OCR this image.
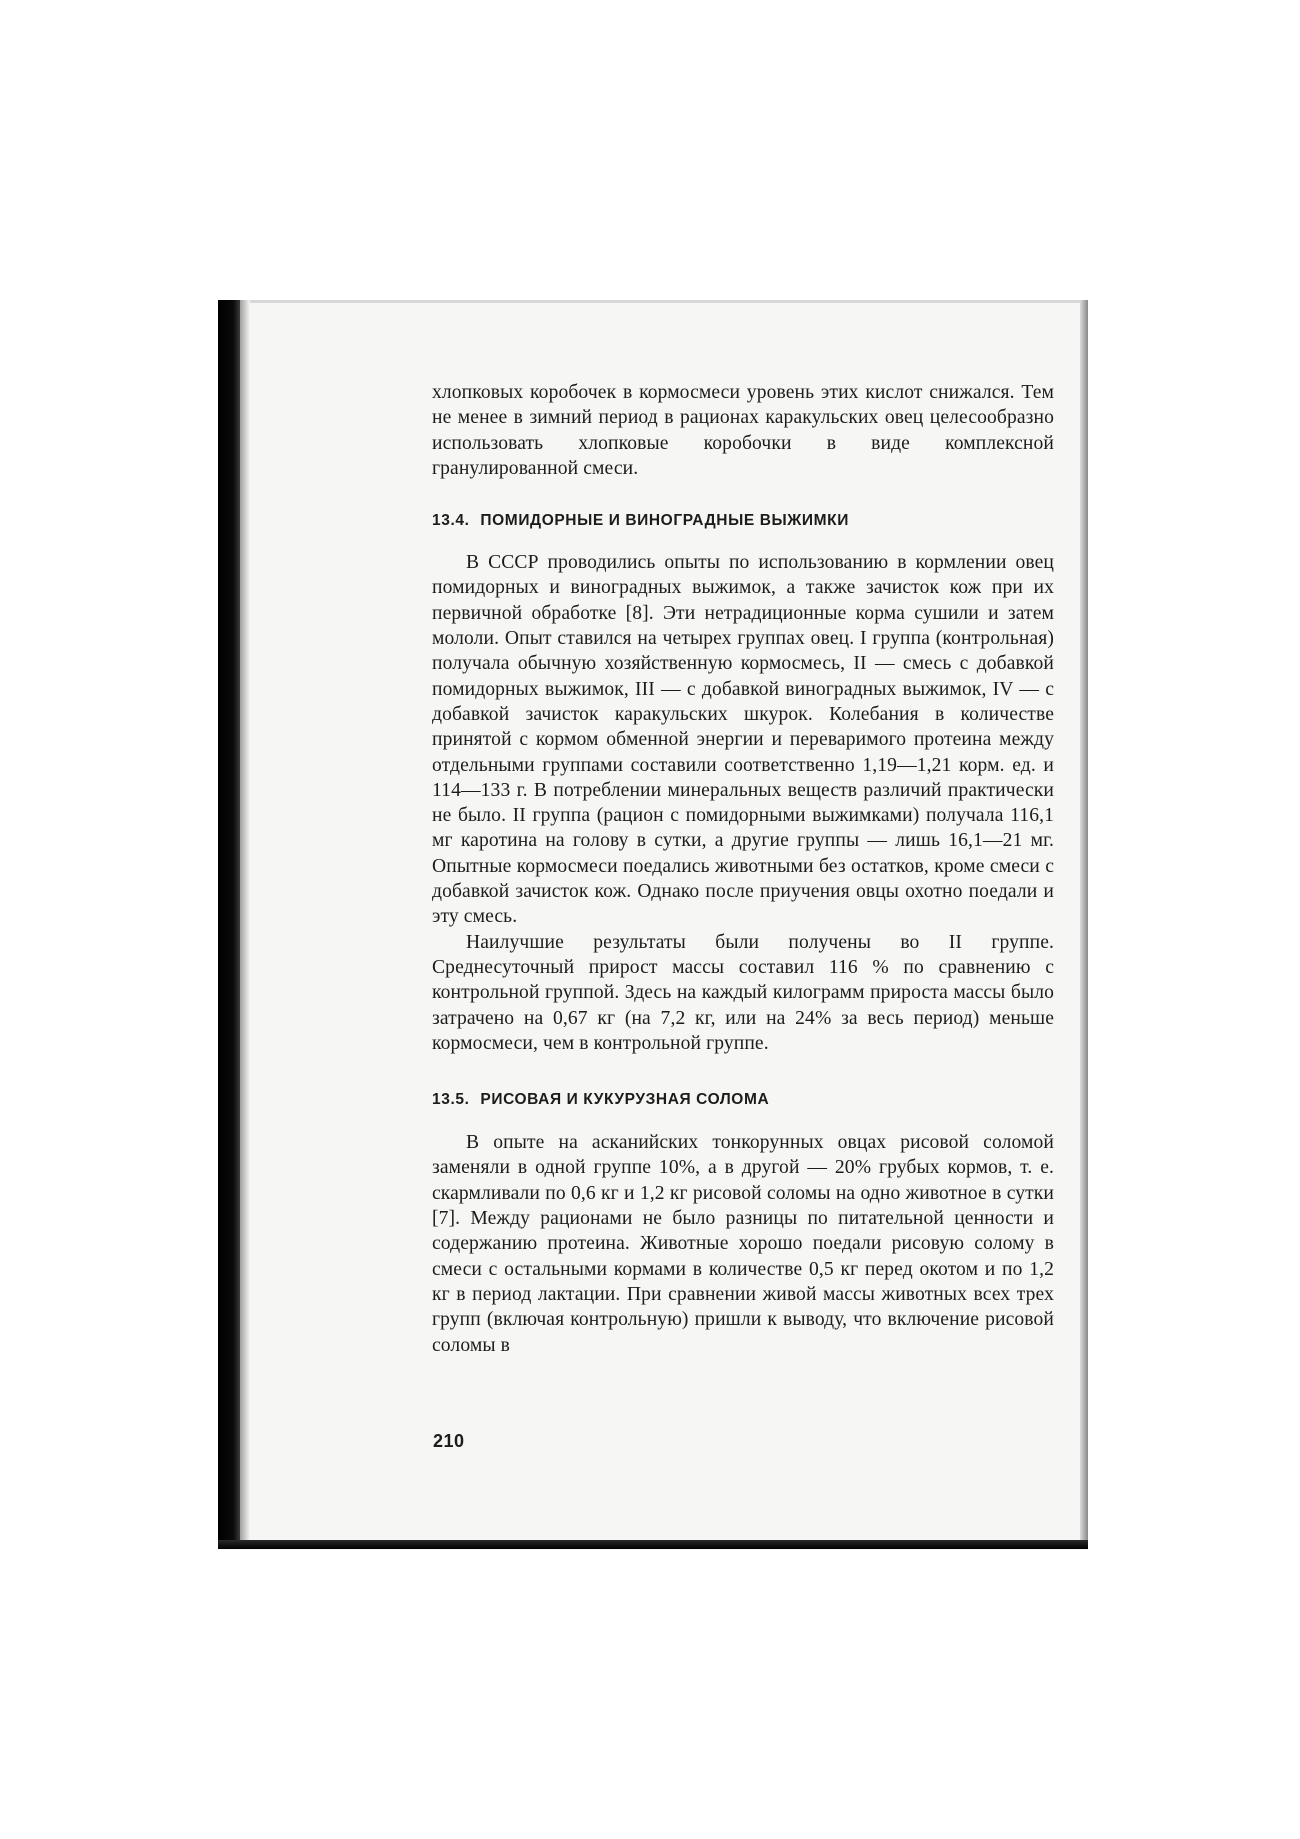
хлопковых коробочек в кормосмеси уровень этих кислот снижался. Тем не менее в зимний период в рационах каракульских овец целесообразно использовать хлопковые коробочки в виде комплексной гранулированной смеси.

13.4. ПОМИДОРНЫЕ И ВИНОГРАДНЫЕ ВЫЖИМКИ

В СССР проводились опыты по использованию в кормлении овец помидорных и виноградных выжимок, а также зачисток кож при их первичной обработке [8]. Эти нетрадиционные корма сушили и затем мололи. Опыт ставился на четырех группах овец. I группа (контрольная) получала обычную хозяйственную кормосмесь, II — смесь с добавкой помидорных выжимок, III — с добавкой виноградных выжимок, IV — с добавкой зачисток каракульских шкурок. Колебания в количестве принятой с кормом обменной энергии и переваримого протеина между отдельными группами составили соответственно 1,19—1,21 корм. ед. и 114—133 г. В потреблении минеральных веществ различий практически не было. II группа (рацион с помидорными выжимками) получала 116,1 мг каротина на голову в сутки, а другие группы — лишь 16,1—21 мг. Опытные кормосмеси поедались животными без остатков, кроме смеси с добавкой зачисток кож. Однако после приучения овцы охотно поедали и эту смесь.

Наилучшие результаты были получены во II группе. Среднесуточный прирост массы составил 116 % по сравнению с контрольной группой. Здесь на каждый килограмм прироста массы было затрачено на 0,67 кг (на 7,2 кг, или на 24% за весь период) меньше кормосмеси, чем в контрольной группе.

13.5. РИСОВАЯ И КУКУРУЗНАЯ СОЛОМА

В опыте на асканийских тонкорунных овцах рисовой соломой заменяли в одной группе 10%, а в другой — 20% грубых кормов, т. е. скармливали по 0,6 кг и 1,2 кг рисовой соломы на одно животное в сутки [7]. Между рационами не было разницы по питательной ценности и содержанию протеина. Животные хорошо поедали рисовую солому в смеси с остальными кормами в количестве 0,5 кг перед окотом и по 1,2 кг в период лактации. При сравнении живой массы животных всех трех групп (включая контрольную) пришли к выводу, что включение рисовой соломы в

210
